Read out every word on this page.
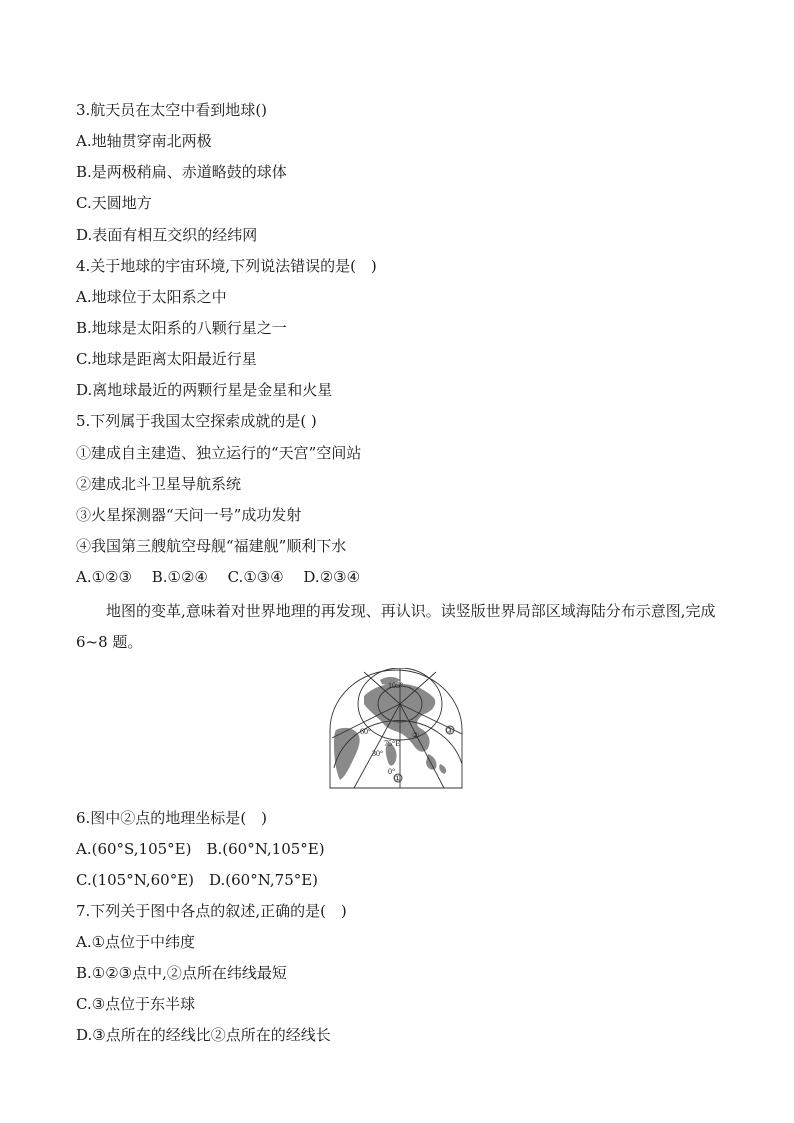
3.航天员在太空中看到地球()
A.地轴贯穿南北两极
B.是两极稍扁、赤道略鼓的球体
C.天圆地方
D.表面有相互交织的经纬网
4.关于地球的宇宙环境,下列说法错误的是(　)
A.地球位于太阳系之中
B.地球是太阳系的八颗行星之一
C.地球是距离太阳最近行星
D.离地球最近的两颗行星是金星和火星
5.下列属于我国太空探索成就的是( )
①建成自主建造、独立运行的“天宫”空间站
②建成北斗卫星导航系统
③火星探测器“天问一号”成功发射
④我国第三艘航空母舰“福建舰”顺利下水
A.①②③　 B.①②④　 C.①③④　 D.②③④
地图的变革,意味着对世界地理的再发现、再认识。读竖版世界局部区域海陆分布示意图,完成 6~8 题。
105°
60°
75°E
30°
0°
①
②
③
6.图中②点的地理坐标是(　)
A.(60°S,105°E)　B.(60°N,105°E)
C.(105°N,60°E)　D.(60°N,75°E)
7.下列关于图中各点的叙述,正确的是(　)
A.①点位于中纬度
B.①②③点中,②点所在纬线最短
C.③点位于东半球
D.③点所在的经线比②点所在的经线长
